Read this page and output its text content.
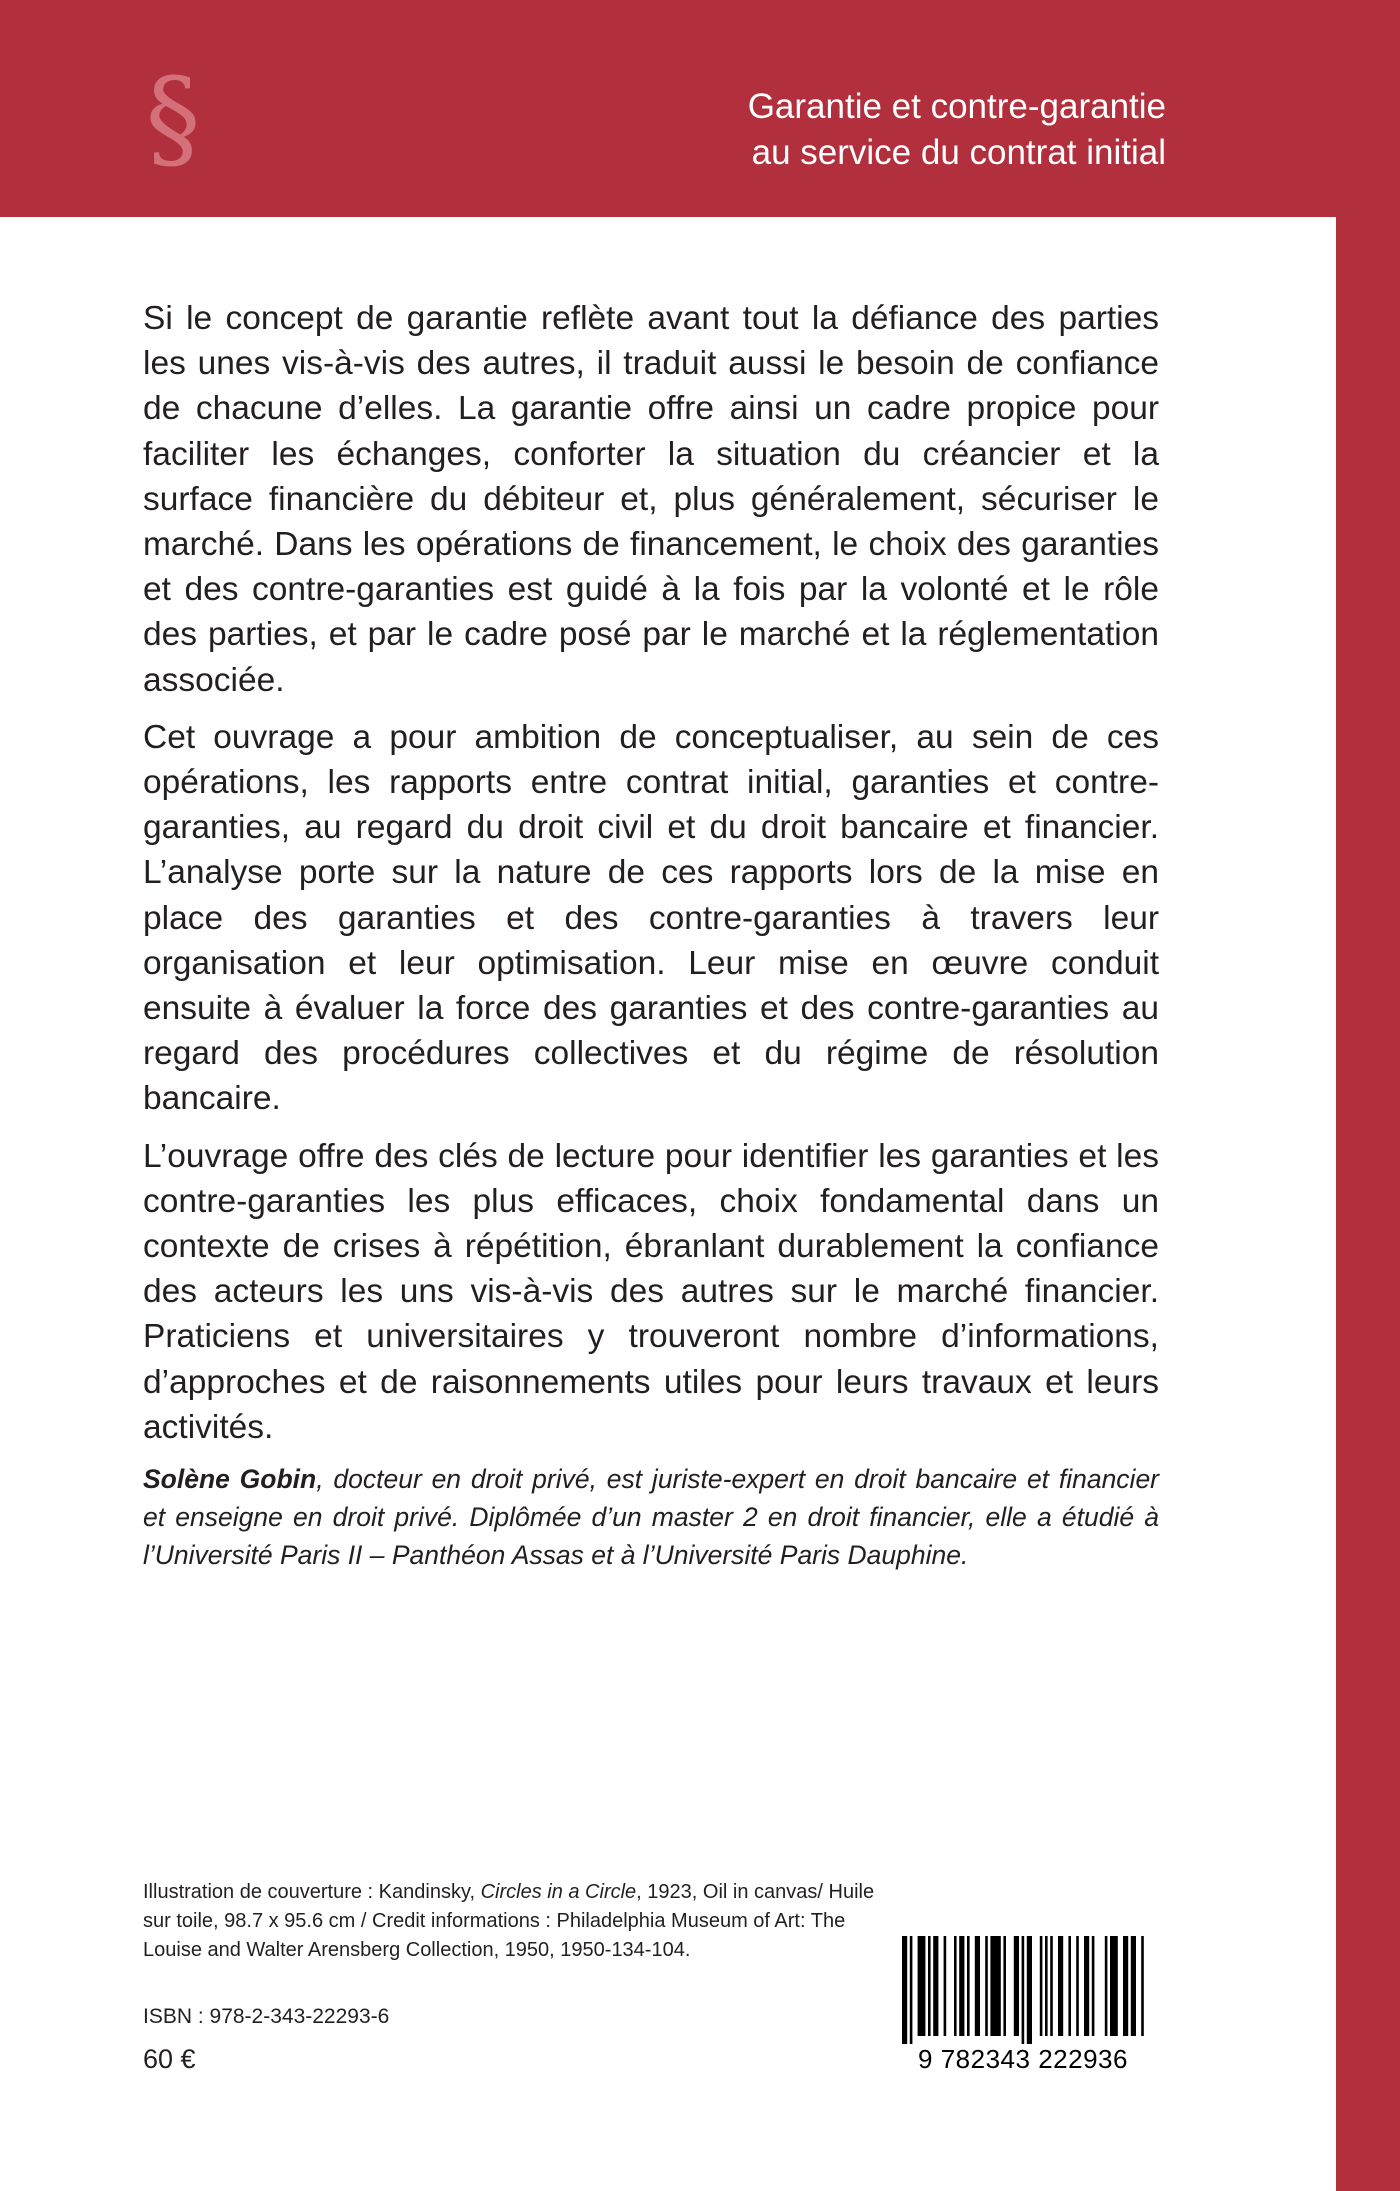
§	Garantie et contre-garantie
au service du contrat initial

Si le concept de garantie reflète avant tout la défiance des parties les unes vis-à-vis des autres, il traduit aussi le besoin de confiance de chacune d’elles. La garantie offre ainsi un cadre propice pour faciliter les échanges, conforter la situation du créancier et la surface financière du débiteur et, plus généralement, sécuriser le marché. Dans les opérations de financement, le choix des garanties et des contre-garanties est guidé à la fois par la volonté et le rôle des parties, et par le cadre posé par le marché et la réglementation associée.

Cet ouvrage a pour ambition de conceptualiser, au sein de ces opérations, les rapports entre contrat initial, garanties et contre-garanties, au regard du droit civil et du droit bancaire et financier. L’analyse porte sur la nature de ces rapports lors de la mise en place des garanties et des contre-garanties à travers leur organisation et leur optimisation. Leur mise en œuvre conduit ensuite à évaluer la force des garanties et des contre-garanties au regard des procédures collectives et du régime de résolution bancaire.

L’ouvrage offre des clés de lecture pour identifier les garanties et les contre-garanties les plus efficaces, choix fondamental dans un contexte de crises à répétition, ébranlant durablement la confiance des acteurs les uns vis-à-vis des autres sur le marché financier. Praticiens et universitaires y trouveront nombre d’informations, d’approches et de raisonnements utiles pour leurs travaux et leurs activités.

Solène Gobin, docteur en droit privé, est juriste-expert en droit bancaire et financier et enseigne en droit privé. Diplômée d’un master 2 en droit financier, elle a étudié à l’Université Paris II – Panthéon Assas et à l’Université Paris Dauphine.
Illustration de couverture : Kandinsky, Circles in a Circle, 1923, Oil in canvas/ Huile sur toile, 98.7 x 95.6 cm / Credit informations : Philadelphia Museum of Art: The Louise and Walter Arensberg Collection, 1950, 1950-134-104.
ISBN : 978-2-343-22293-6
60 €	9 782343 222936
